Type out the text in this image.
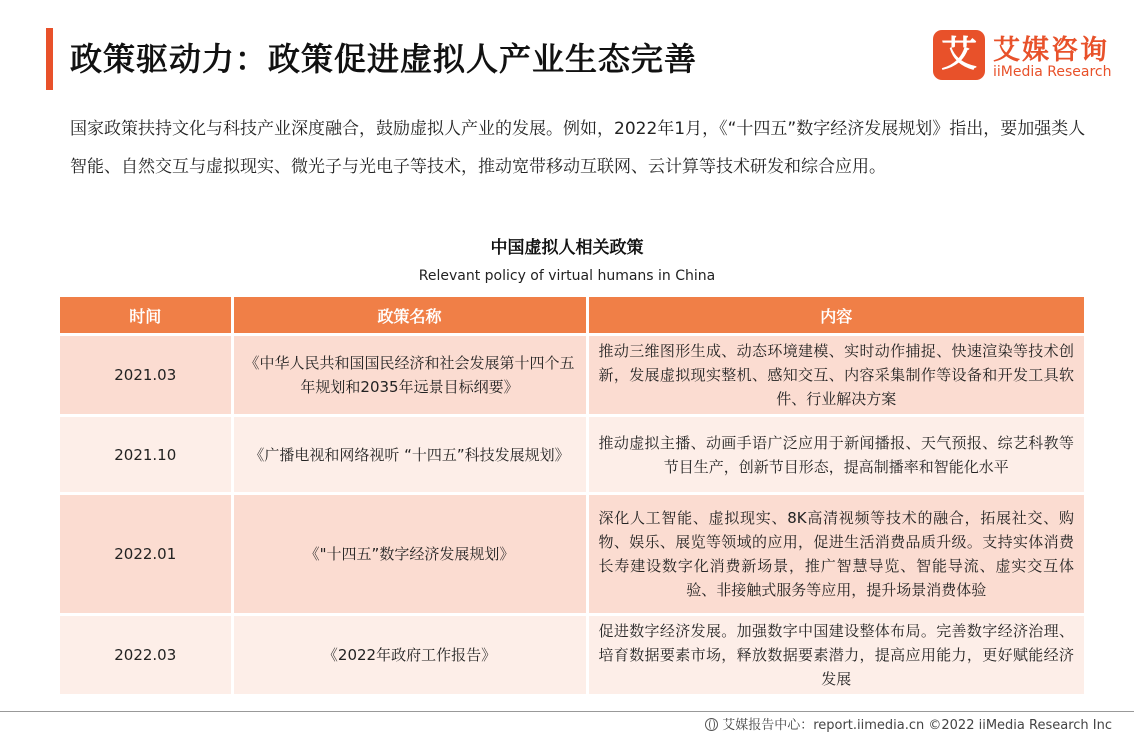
政策驱动力：政策促进虚拟人产业生态完善	艾 艾媒咨询
iiMedia Research

国家政策扶持文化与科技产业深度融合，鼓励虚拟人产业的发展。例如，2022年1月，《“十四五”数字经济发展规划》指出，要加强类人智能、自然交互与虚拟现实、微光子与光电子等技术，推动宽带移动互联网、云计算等技术研发和综合应用。

中国虚拟人相关政策
Relevant policy of virtual humans in China
时间	政策名称	内容
2021.03	《中华人民共和国国民经济和社会发展第十四个五年规划和2035年远景目标纲要》	推动三维图形生成、动态环境建模、实时动作捕捉、快速渲染等技术创新，发展虚拟现实整机、感知交互、内容采集制作等设备和开发工具软件、行业解决方案
2021.10	《广播电视和网络视听 “十四五”科技发展规划》	推动虚拟主播、动画手语广泛应用于新闻播报、天气预报、综艺科教等节目生产，创新节目形态，提高制播率和智能化水平
2022.01	《"十四五”数字经济发展规划》	深化人工智能、虚拟现实、8K高清视频等技术的融合，拓展社交、购物、娱乐、展览等领域的应用，促进生活消费品质升级。支持实体消费长寿建设数字化消费新场景，推广智慧导览、智能导流、虚实交互体验、非接触式服务等应用，提升场景消费体验
2022.03	《2022年政府工作报告》	促进数字经济发展。加强数字中国建设整体布局。完善数字经济治理、培育数据要素市场，释放数据要素潜力，提高应用能力，更好赋能经济发展
艾媒报告中心：report.iimedia.cn ©2022 iiMedia Research Inc
